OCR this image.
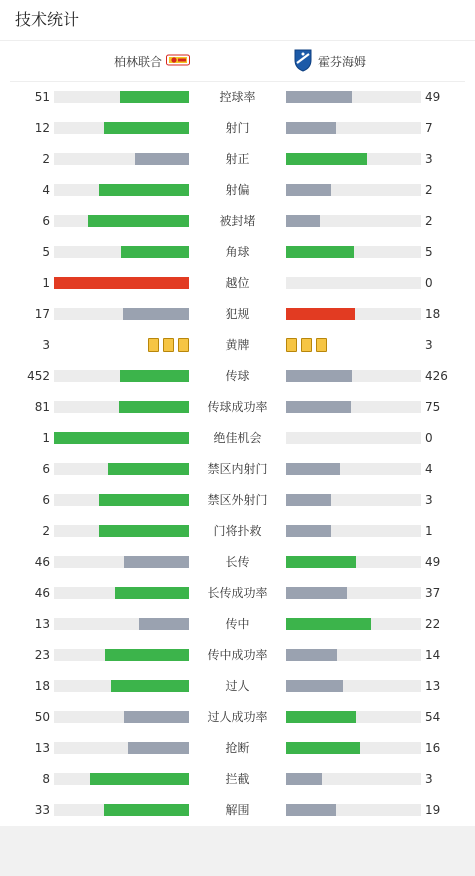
技术统计
柏林联合	霍芬海姆
51	控球率	49
12	射门	7
2	射正	3
4	射偏	2
6	被封堵	2
5	角球	5
1	越位	0
17	犯规	18
3	黄牌	3
452	传球	426
81	传球成功率	75
1	绝佳机会	0
6	禁区内射门	4
6	禁区外射门	3
2	门将扑救	1
46	长传	49
46	长传成功率	37
13	传中	22
23	传中成功率	14
18	过人	13
50	过人成功率	54
13	抢断	16
8	拦截	3
33	解围	19
